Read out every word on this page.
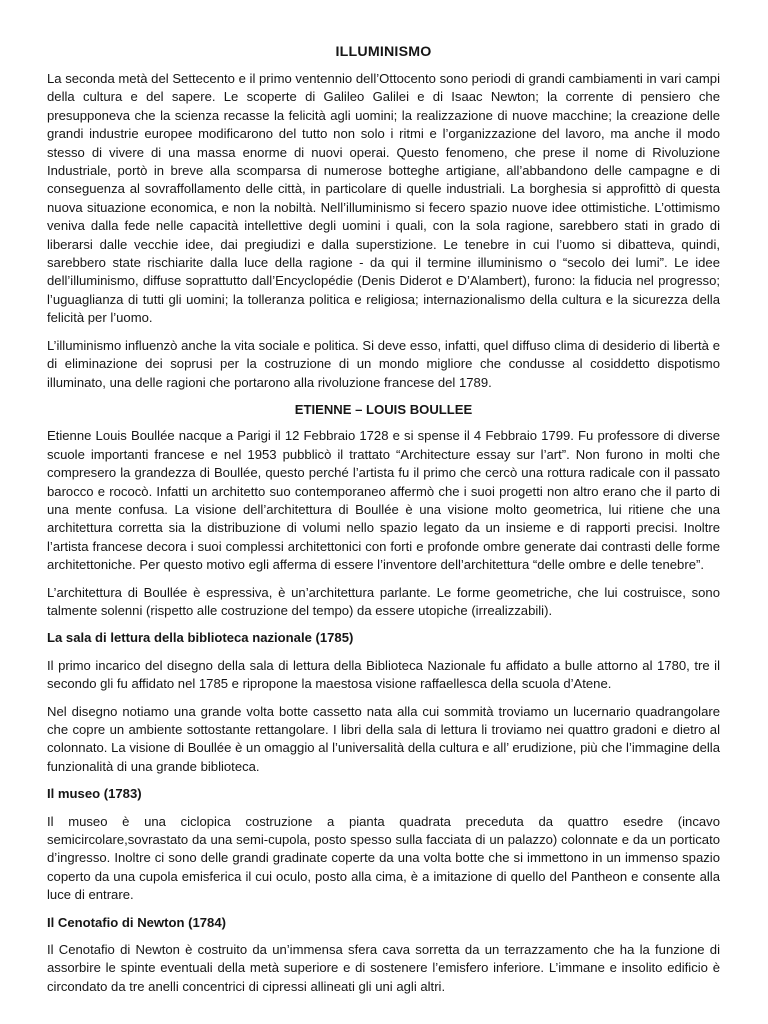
ILLUMINISMO

La seconda metà del Settecento e il primo ventennio dell’Ottocento sono periodi di grandi cambiamenti in vari campi della cultura e del sapere. Le scoperte di Galileo Galilei e di Isaac Newton; la corrente di pensiero che presupponeva che la scienza recasse la felicità agli uomini; la realizzazione di nuove macchine; la creazione delle grandi industrie europee modificarono del tutto non solo i ritmi e l’organizzazione del lavoro, ma anche il modo stesso di vivere di una massa enorme di nuovi operai. Questo fenomeno, che prese il nome di Rivoluzione Industriale, portò in breve alla scomparsa di numerose botteghe artigiane, all’abbandono delle campagne e di conseguenza al sovraffollamento delle città, in particolare di quelle industriali. La borghesia si approfittò di questa nuova situazione economica, e non la nobiltà. Nell’illuminismo si fecero spazio nuove idee ottimistiche. L’ottimismo veniva dalla fede nelle capacità intellettive degli uomini i quali, con la sola ragione, sarebbero stati in grado di liberarsi dalle vecchie idee, dai pregiudizi e dalla superstizione. Le tenebre in cui l’uomo si dibatteva, quindi, sarebbero state rischiarite dalla luce della ragione - da qui il termine illuminismo o “secolo dei lumi”. Le idee dell’illuminismo, diffuse soprattutto dall’Encyclopédie (Denis Diderot e D’Alambert), furono: la fiducia nel progresso; l’uguaglianza di tutti gli uomini; la tolleranza politica e religiosa; internazionalismo della cultura e la sicurezza della felicità per l’uomo.

L’illuminismo influenzò anche la vita sociale e politica. Si deve esso, infatti, quel diffuso clima di desiderio di libertà e di eliminazione dei soprusi per la costruzione di un mondo migliore che condusse al cosiddetto dispotismo illuminato, una delle ragioni che portarono alla rivoluzione francese del 1789.

ETIENNE – LOUIS BOULLEE

Etienne Louis Boullée nacque a Parigi il 12 Febbraio 1728 e si spense il 4 Febbraio 1799. Fu professore di diverse scuole importanti francese e nel 1953 pubblicò il trattato “Architecture essay sur l’art”. Non furono in molti che compresero la grandezza di Boullée, questo perché l’artista fu il primo che cercò una rottura radicale con il passato barocco e rococò. Infatti un architetto suo contemporaneo affermò che i suoi progetti non altro erano che il parto di una mente confusa. La visione dell’architettura di Boullée è una visione molto geometrica, lui ritiene che una architettura corretta sia la distribuzione di volumi nello spazio legato da un insieme e di rapporti precisi. Inoltre l’artista francese decora i suoi complessi architettonici con forti e profonde ombre generate dai contrasti delle forme architettoniche. Per questo motivo egli afferma di essere l’inventore dell’architettura “delle ombre e delle tenebre”.

L’architettura di Boullée è espressiva, è un’architettura parlante. Le forme geometriche, che lui costruisce, sono talmente solenni (rispetto alle costruzione del tempo) da essere utopiche (irrealizzabili).

La sala di lettura della biblioteca nazionale (1785)

Il primo incarico del disegno della sala di lettura della Biblioteca Nazionale fu affidato a bulle attorno al 1780, tre il secondo gli fu affidato nel 1785 e ripropone la maestosa visione raffaellesca della scuola d’Atene.

Nel disegno notiamo una grande volta botte cassetto nata alla cui sommità troviamo un lucernario quadrangolare che copre un ambiente sottostante rettangolare. I libri della sala di lettura li troviamo nei quattro gradoni e dietro al colonnato. La visione di Boullée è un omaggio al l’universalità della cultura e all’ erudizione, più che l’immagine della funzionalità di una grande biblioteca.

Il museo (1783)

Il museo è una ciclopica costruzione a pianta quadrata preceduta da quattro esedre (incavo semicircolare,sovrastato da una semi-cupola, posto spesso sulla facciata di un palazzo) colonnate e da un porticato d’ingresso. Inoltre ci sono delle grandi gradinate coperte da una volta botte che si immettono in un immenso spazio coperto da una cupola emisferica il cui oculo, posto alla cima, è a imitazione di quello del Pantheon e consente alla luce di entrare.

Il Cenotafio di Newton (1784)

Il Cenotafio di Newton è costruito da un’immensa sfera cava sorretta da un terrazzamento che ha la funzione di assorbire le spinte eventuali della metà superiore e di sostenere l’emisfero inferiore. L’immane e insolito edificio è circondato da tre anelli concentrici di cipressi allineati gli uni agli altri.
